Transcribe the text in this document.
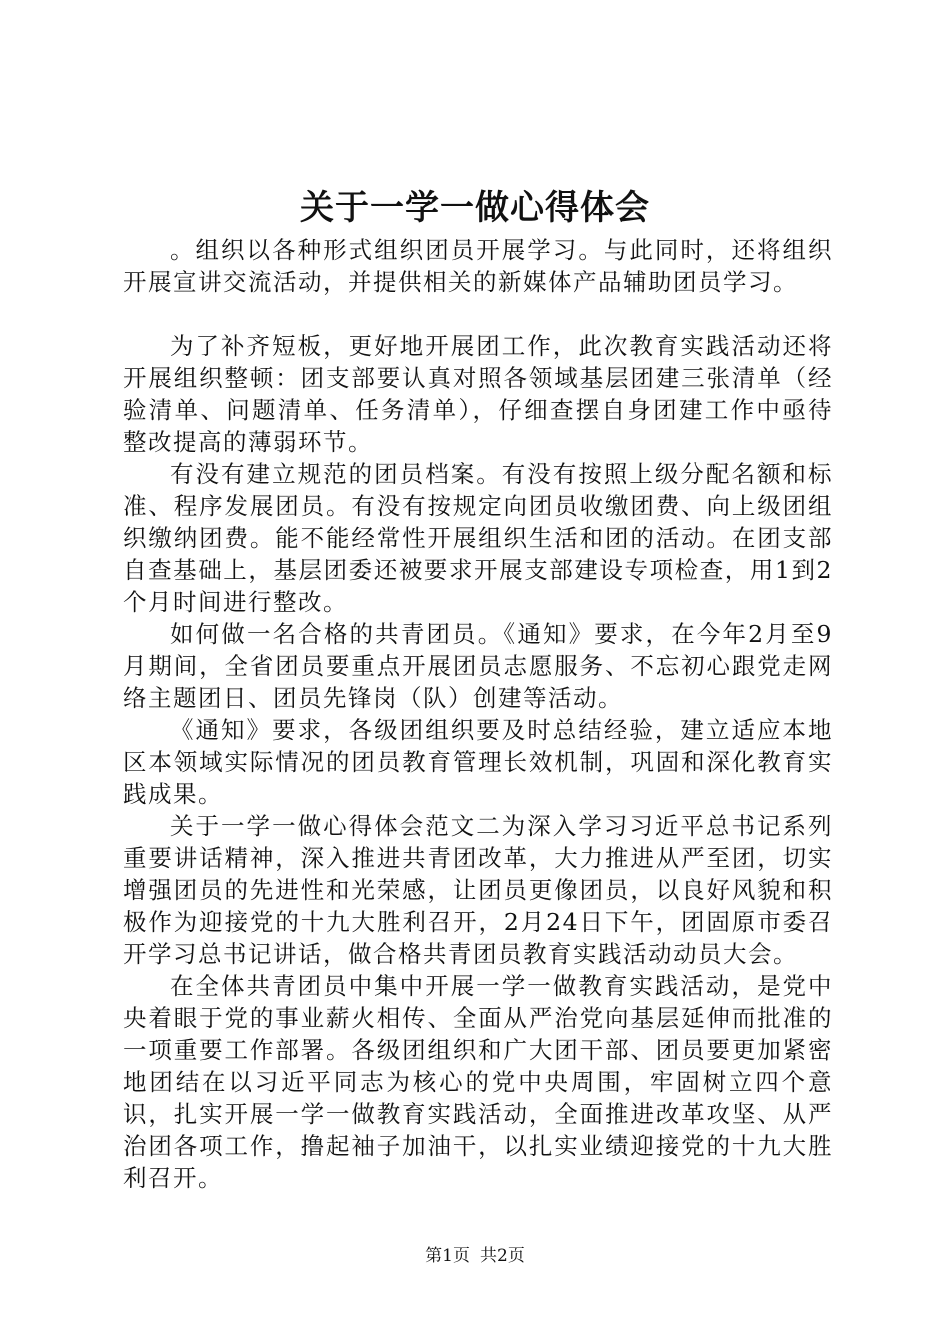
关于一学一做心得体会

。组织以各种形式组织团员开展学习。与此同时，还将组织开展宣讲交流活动，并提供相关的新媒体产品辅助团员学习。

为了补齐短板，更好地开展团工作，此次教育实践活动还将开展组织整顿：团支部要认真对照各领域基层团建三张清单（经验清单、问题清单、任务清单），仔细查摆自身团建工作中亟待整改提高的薄弱环节。

有没有建立规范的团员档案。有没有按照上级分配名额和标准、程序发展团员。有没有按规定向团员收缴团费、向上级团组织缴纳团费。能不能经常性开展组织生活和团的活动。在团支部自查基础上，基层团委还被要求开展支部建设专项检查，用1到2个月时间进行整改。

如何做一名合格的共青团员。《通知》要求，在今年2月至9月期间，全省团员要重点开展团员志愿服务、不忘初心跟党走网络主题团日、团员先锋岗（队）创建等活动。

《通知》要求，各级团组织要及时总结经验，建立适应本地区本领域实际情况的团员教育管理长效机制，巩固和深化教育实践成果。

关于一学一做心得体会范文二为深入学习习近平总书记系列重要讲话精神，深入推进共青团改革，大力推进从严至团，切实增强团员的先进性和光荣感，让团员更像团员，以良好风貌和积极作为迎接党的十九大胜利召开，2月24日下午，团固原市委召开学习总书记讲话，做合格共青团员教育实践活动动员大会。

在全体共青团员中集中开展一学一做教育实践活动，是党中央着眼于党的事业薪火相传、全面从严治党向基层延伸而批准的一项重要工作部署。各级团组织和广大团干部、团员要更加紧密地团结在以习近平同志为核心的党中央周围，牢固树立四个意识，扎实开展一学一做教育实践活动，全面推进改革攻坚、从严治团各项工作，撸起袖子加油干，以扎实业绩迎接党的十九大胜利召开。

第1页 共2页
